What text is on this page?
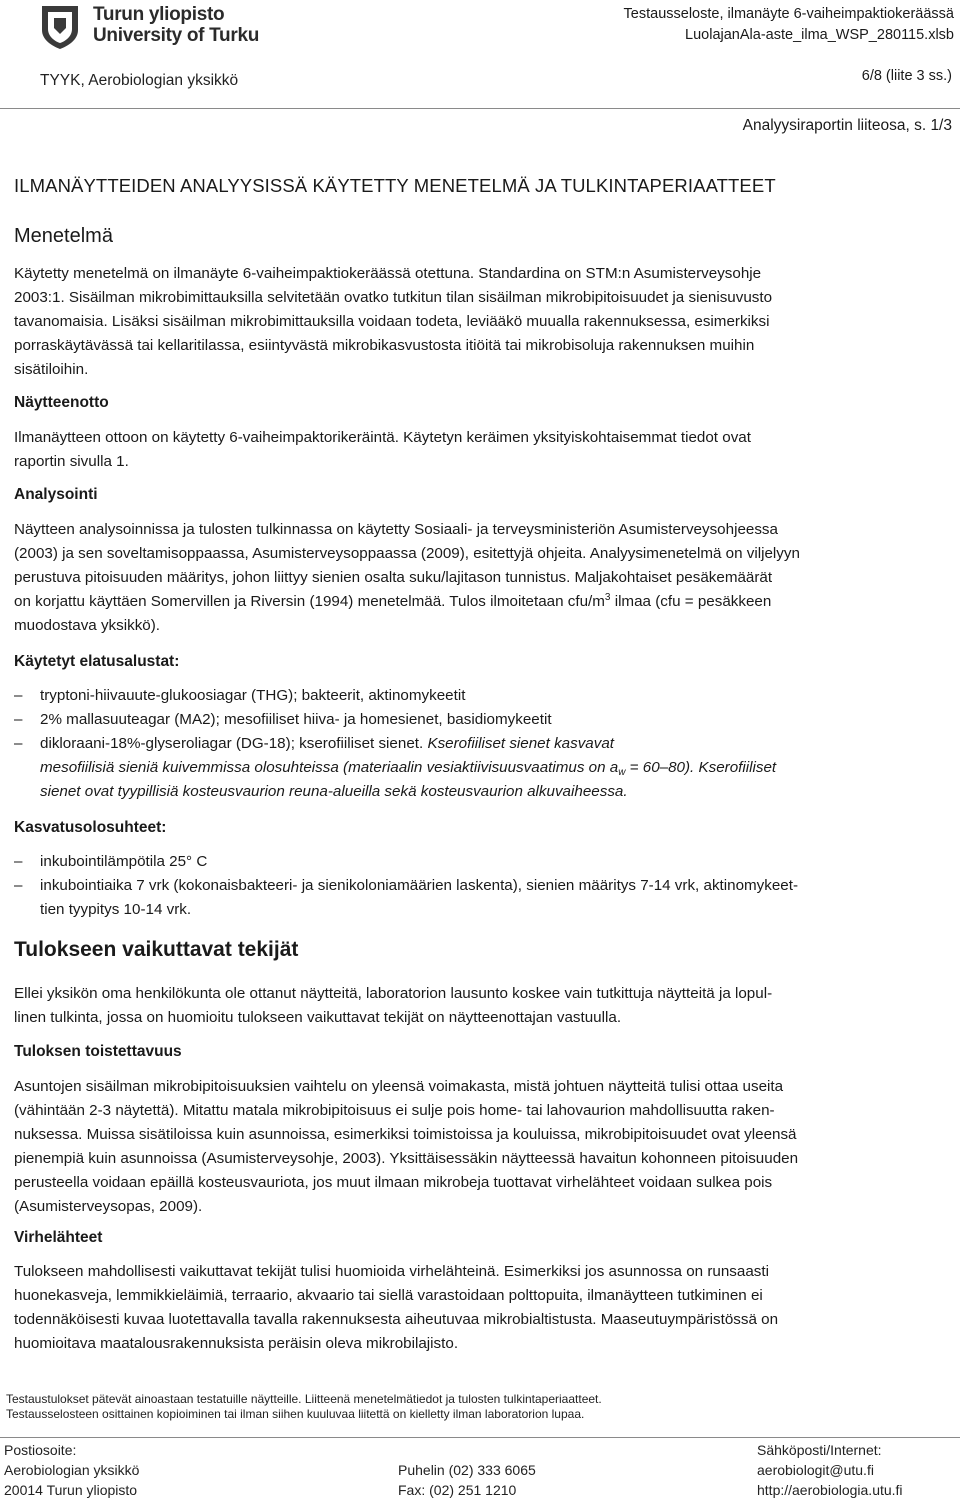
Turun yliopisto
University of Turku
Testausseloste, ilmanäyte 6-vaiheimpaktiokeräässä
LuolajanAla-aste_ilma_WSP_280115.xlsb
TYYK, Aerobiologian yksikkö	6/8 (liite 3 ss.)
Analyysiraportin liiteosa, s. 1/3
ILMANÄYTTEIDEN ANALYYSISSÄ KÄYTETTY MENETELMÄ JA TULKINTAPERIAATTEET
Menetelmä

Käytetty menetelmä on ilmanäyte 6-vaiheimpaktiokeräässä otettuna. Standardina on STM:n Asumisterveysohje

2003:1. Sisäilman mikrobimittauksilla selvitetään ovatko tutkitun tilan sisäilman mikrobipitoisuudet ja sienisuvusto

tavanomaisia. Lisäksi sisäilman mikrobimittauksilla voidaan todeta, leviääkö muualla rakennuksessa, esimerkiksi

porraskäytävässä tai kellaritilassa, esiintyvästä mikrobikasvustosta itiöitä tai mikrobisoluja rakennuksen muihin

sisätiloihin.

Näytteenotto

Ilmanäytteen ottoon on käytetty 6-vaiheimpaktorikeräintä. Käytetyn keräimen yksityiskohtaisemmat tiedot ovat

raportin sivulla 1.

Analysointi

Näytteen analysoinnissa ja tulosten tulkinnassa on käytetty Sosiaali- ja terveysministeriön Asumisterveysohjeessa

(2003) ja sen soveltamisoppaassa, Asumisterveysoppaassa (2009), esitettyjä ohjeita. Analyysimenetelmä on viljelyyn

perustuva pitoisuuden määritys, johon liittyy sienien osalta suku/lajitason tunnistus. Maljakohtaiset pesäkemäärät

on korjattu käyttäen Somervillen ja Riversin (1994) menetelmää. Tulos ilmoitetaan cfu/$m^3$ ilmaa (cfu = pesäkkeen

muodostava yksikkö).

Käytetyt elatusalustat:
– tryptoni-hiivauute-glukoosiagar (THG); bakteerit, aktinomykeetit
– 2% mallasuuteagar (MA2); mesofiiliset hiiva- ja homesienet, basidiomykeetit
– dikloraani-18%-glyseroliagar (DG-18); kserofiiliset sienet. Kserofiiliset sienet kasvavat
mesofiilisiä sieniä kuivemmissa olosuhteissa (materiaalin vesiaktiivisuusvaatimus on $a_w = 60-80$). Kserofiiliset
sienet ovat tyypillisiä kosteusvaurion reuna-alueilla sekä kosteusvaurion alkuvaiheessa.
Kasvatusolosuhteet:
– inkubointilämpötila 25° C
– inkubointiaika 7 vrk (kokonaisbakteeri- ja sienikoloniamäärien laskenta), sienien määritys 7-14 vrk, aktinomykeet-
tien tyypitys 10-14 vrk.
Tulokseen vaikuttavat tekijät

Ellei yksikön oma henkilökunta ole ottanut näytteitä, laboratorion lausunto koskee vain tutkittuja näytteitä ja lopul-

linen tulkinta, jossa on huomioitu tulokseen vaikuttavat tekijät on näytteenottajan vastuulla.

Tuloksen toistettavuus

Asuntojen sisäilman mikrobipitoisuuksien vaihtelu on yleensä voimakasta, mistä johtuen näytteitä tulisi ottaa useita

(vähintään 2-3 näytettä). Mitattu matala mikrobipitoisuus ei sulje pois home- tai lahovaurion mahdollisuutta raken-

nuksessa. Muissa sisätiloissa kuin asunnoissa, esimerkiksi toimistoissa ja kouluissa, mikrobipitoisuudet ovat yleensä

pienempiä kuin asunnoissa (Asumisterveysohje, 2003). Yksittäisessäkin näytteessä havaitun kohonneen pitoisuuden

perusteella voidaan epäillä kosteusvauriota, jos muut ilmaan mikrobeja tuottavat virhelähteet voidaan sulkea pois

(Asumisterveysopas, 2009).

Virhelähteet

Tulokseen mahdollisesti vaikuttavat tekijät tulisi huomioida virhelähteinä. Esimerkiksi jos asunnossa on runsaasti

huonekasveja, lemmikkieläimiä, terraario, akvaario tai siellä varastoidaan polttopuita, ilmanäytteen tutkiminen ei

todennäköisesti kuvaa luotettavalla tavalla rakennuksesta aiheutuvaa mikrobialtistusta. Maaseutuympäristössä on

huomioitava maatalousrakennuksista peräisin oleva mikrobilajisto.

Testaustulokset pätevät ainoastaan testatuille näytteille. Liitteenä menetelmätiedot ja tulosten tulkintaperiaatteet.
Testausselosteen osittainen kopioiminen tai ilman siihen kuuluvaa liitettä on kielletty ilman laboratorion lupaa.
Postiosoite:
Aerobiologian yksikkö
20014 Turun yliopisto

Puhelin (02) 333 6065
Fax: (02) 251 1210
Sähköposti/Internet:
aerobiologit@utu.fi
http://aerobiologia.utu.fi
